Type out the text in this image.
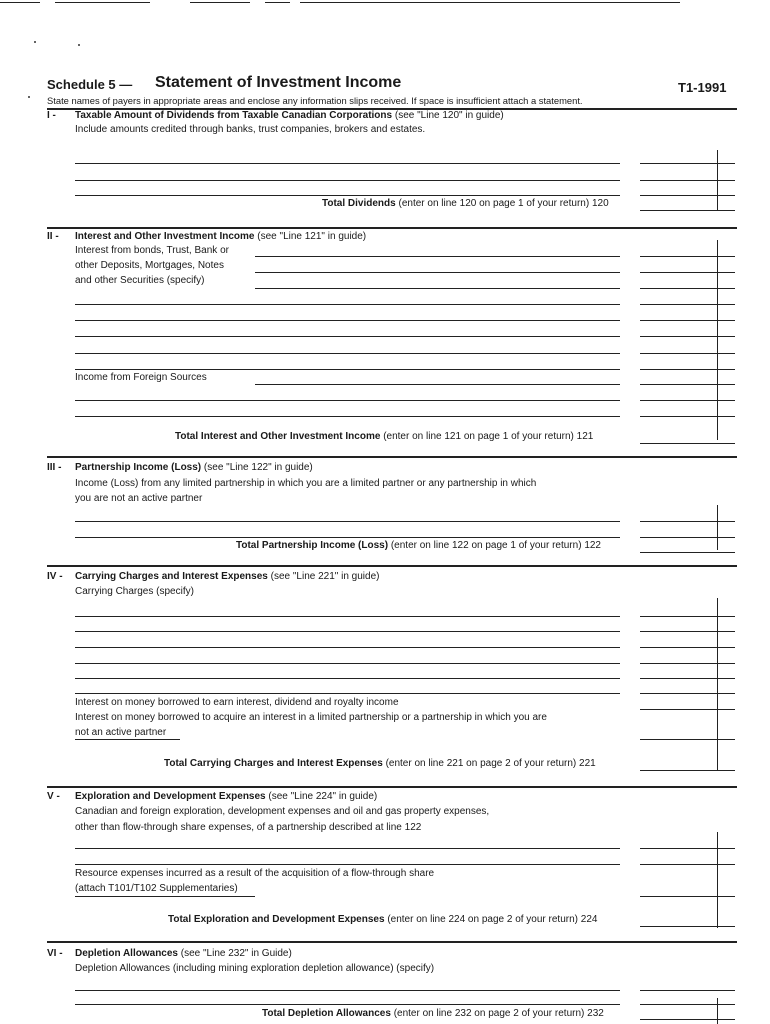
Schedule 5 — Statement of Investment Income	T1-1991
State names of payers in appropriate areas and enclose any information slips received. If space is insufficient attach a statement.
I - Taxable Amount of Dividends from Taxable Canadian Corporations (see "Line 120" in guide)
Include amounts credited through banks, trust companies, brokers and estates.
Total Dividends (enter on line 120 on page 1 of your return) 120
II - Interest and Other Investment Income (see "Line 121" in guide)
Interest from bonds, Trust, Bank or
other Deposits, Mortgages, Notes
and other Securities (specify)
Income from Foreign Sources
Total Interest and Other Investment Income (enter on line 121 on page 1 of your return) 121
III - Partnership Income (Loss) (see "Line 122" in guide)
Income (Loss) from any limited partnership in which you are a limited partner or any partnership in which
you are not an active partner
Total Partnership Income (Loss) (enter on line 122 on page 1 of your return) 122
IV - Carrying Charges and Interest Expenses (see "Line 221" in guide)
Carrying Charges (specify)
Interest on money borrowed to earn interest, dividend and royalty income
Interest on money borrowed to acquire an interest in a limited partnership or a partnership in which you are
not an active partner
Total Carrying Charges and Interest Expenses (enter on line 221 on page 2 of your return) 221
V - Exploration and Development Expenses (see "Line 224" in guide)
Canadian and foreign exploration, development expenses and oil and gas property expenses,
other than flow-through share expenses, of a partnership described at line 122
Resource expenses incurred as a result of the acquisition of a flow-through share
(attach T101/T102 Supplementaries)
Total Exploration and Development Expenses (enter on line 224 on page 2 of your return) 224
VI - Depletion Allowances (see "Line 232" in Guide)
Depletion Allowances (including mining exploration depletion allowance) (specify)
Total Depletion Allowances (enter on line 232 on page 2 of your return) 232
